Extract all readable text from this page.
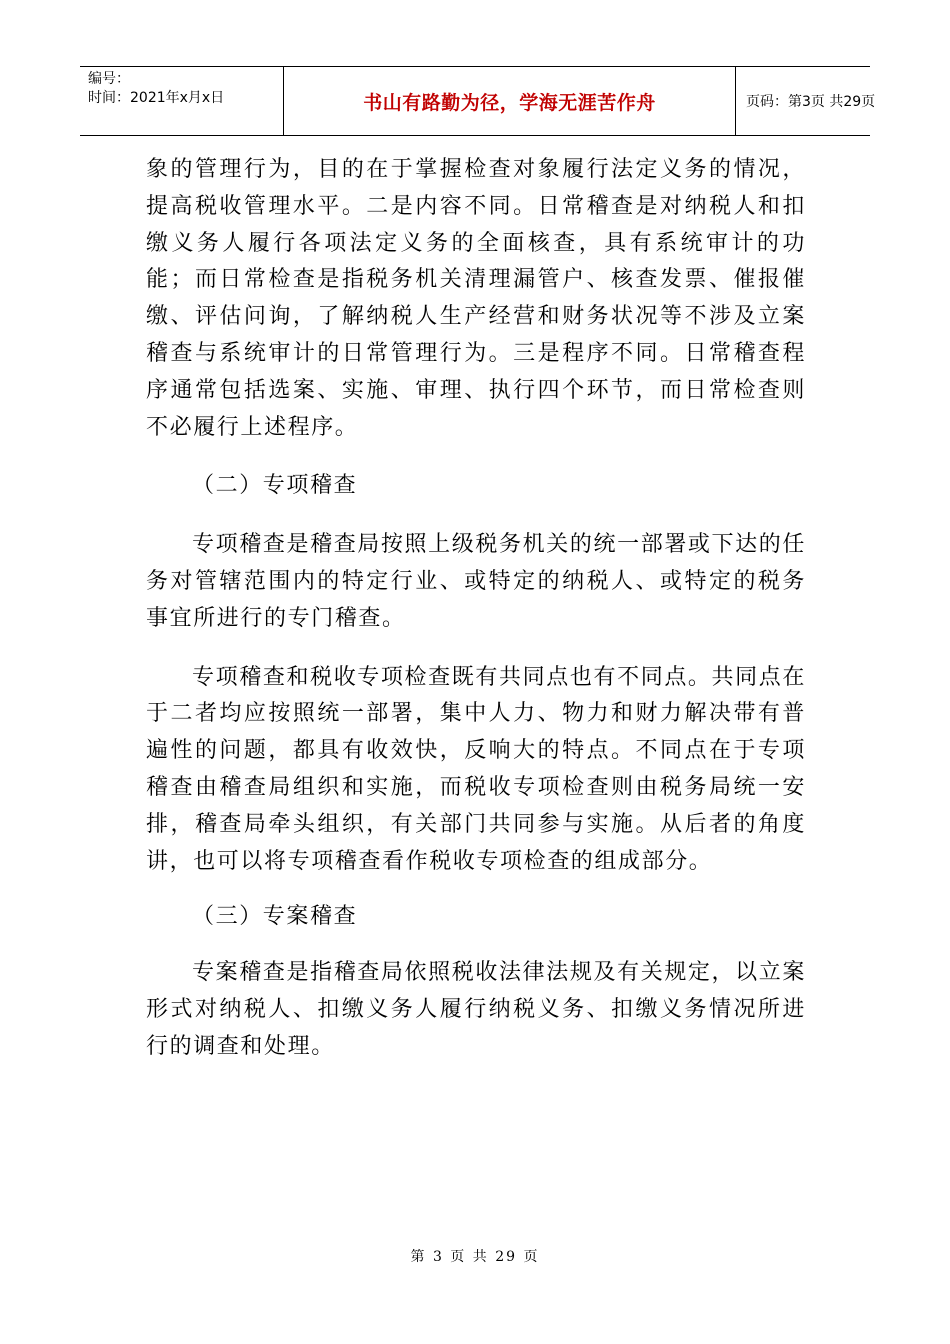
编号：
时间：2021年x月x日	书山有路勤为径，学海无涯苦作舟	页码：第3页 共29页

象的管理行为，目的在于掌握检查对象履行法定义务的情况，提高税收管理水平。二是内容不同。日常稽查是对纳税人和扣缴义务人履行各项法定义务的全面核查，具有系统审计的功能；而日常检查是指税务机关清理漏管户、核查发票、催报催缴、评估问询，了解纳税人生产经营和财务状况等不涉及立案稽查与系统审计的日常管理行为。三是程序不同。日常稽查程序通常包括选案、实施、审理、执行四个环节，而日常检查则不必履行上述程序。

（二）专项稽查

专项稽查是稽查局按照上级税务机关的统一部署或下达的任务对管辖范围内的特定行业、或特定的纳税人、或特定的税务事宜所进行的专门稽查。

专项稽查和税收专项检查既有共同点也有不同点。共同点在于二者均应按照统一部署，集中人力、物力和财力解决带有普遍性的问题，都具有收效快，反响大的特点。不同点在于专项稽查由稽查局组织和实施，而税收专项检查则由税务局统一安排，稽查局牵头组织，有关部门共同参与实施。从后者的角度讲，也可以将专项稽查看作税收专项检查的组成部分。

（三）专案稽查

专案稽查是指稽查局依照税收法律法规及有关规定，以立案形式对纳税人、扣缴义务人履行纳税义务、扣缴义务情况所进行的调查和处理。

第 3 页 共 29 页
